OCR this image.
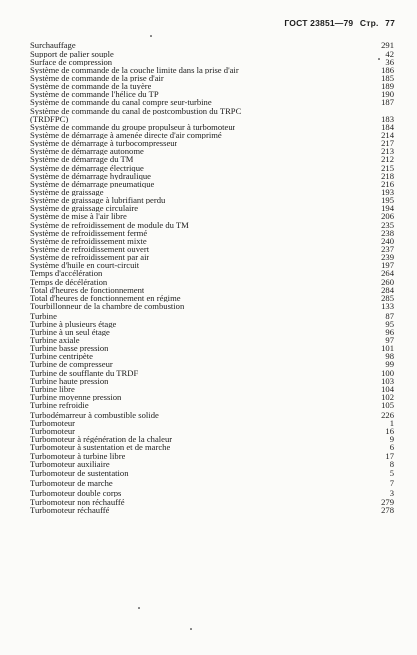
ГОСТ 23851—79 Стр. 77
Surchauffage	291
Support de palier souple	42
Surface de compression	36
Système de commande de la couche limite dans la prise d'air	186
Système de commande de la prise d'air	185
Système de commande de la tuyère	189
Système de commande l'hélice du TP	190
Système de commande du canal compre seur-turbine	187
Système de commande du canal de postcombustion du TRPC
(TRDFPC)	183
Système de commande du groupe propulseur à turbomoteur	184
Système de démarrage à amenée directe d'air comprimé	214
Système de démarrage à turbocompresseur	217
Système de démarrage autonome	213
Système de démarrage du TM	212
Système de démarrage électrique	215
Système de démarrage hydraulique	218
Système de démarrage pneumatique	216
Système de graissage	193
Système de graissage à lubrifiant perdu	195
Système de graissage circulaire	194
Système de mise à l'air libre	206
Système de refroidissement de module du TM	235
Système de refroidissement fermé	238
Système de refroidissement mixte	240
Système de refroidissement ouvert	237
Système de refroidissement par air	239
Système d'huile en court-circuit	197
Temps d'accélération	264
Temps de décélération	260
Total d'heures de fonctionnement	284
Total d'heures de fonctionnement en régime	285
Tourbillonneur de la chambre de combustion	133
Turbine	87
Turbine à plusieurs étage	95
Turbine à un seul étage	96
Turbine axiale	97
Turbine basse pression	101
Turbine centripète	98
Turbine de compresseur	99
Turbine de soufflante du TRDF	100
Turbine haute pression	103
Turbine libre	104
Turbine moyenne pression	102
Turbine refroidie	105
Turbodémarreur à combustible solide	226
Turbomoteur	1
Turbomoteur	16
Turbomoteur à régénération de la chaleur	9
Turbomoteur à sustentation et de marche	6
Turbomoteur à turbine libre	17
Turbomoteur auxiliaire	8
Turbomoteur de sustentation	5
Turbomoteur de marche	7
Turbomoteur double corps	3
Turbomoteur non réchauffé	279
Turbomoteur réchauffé	278
